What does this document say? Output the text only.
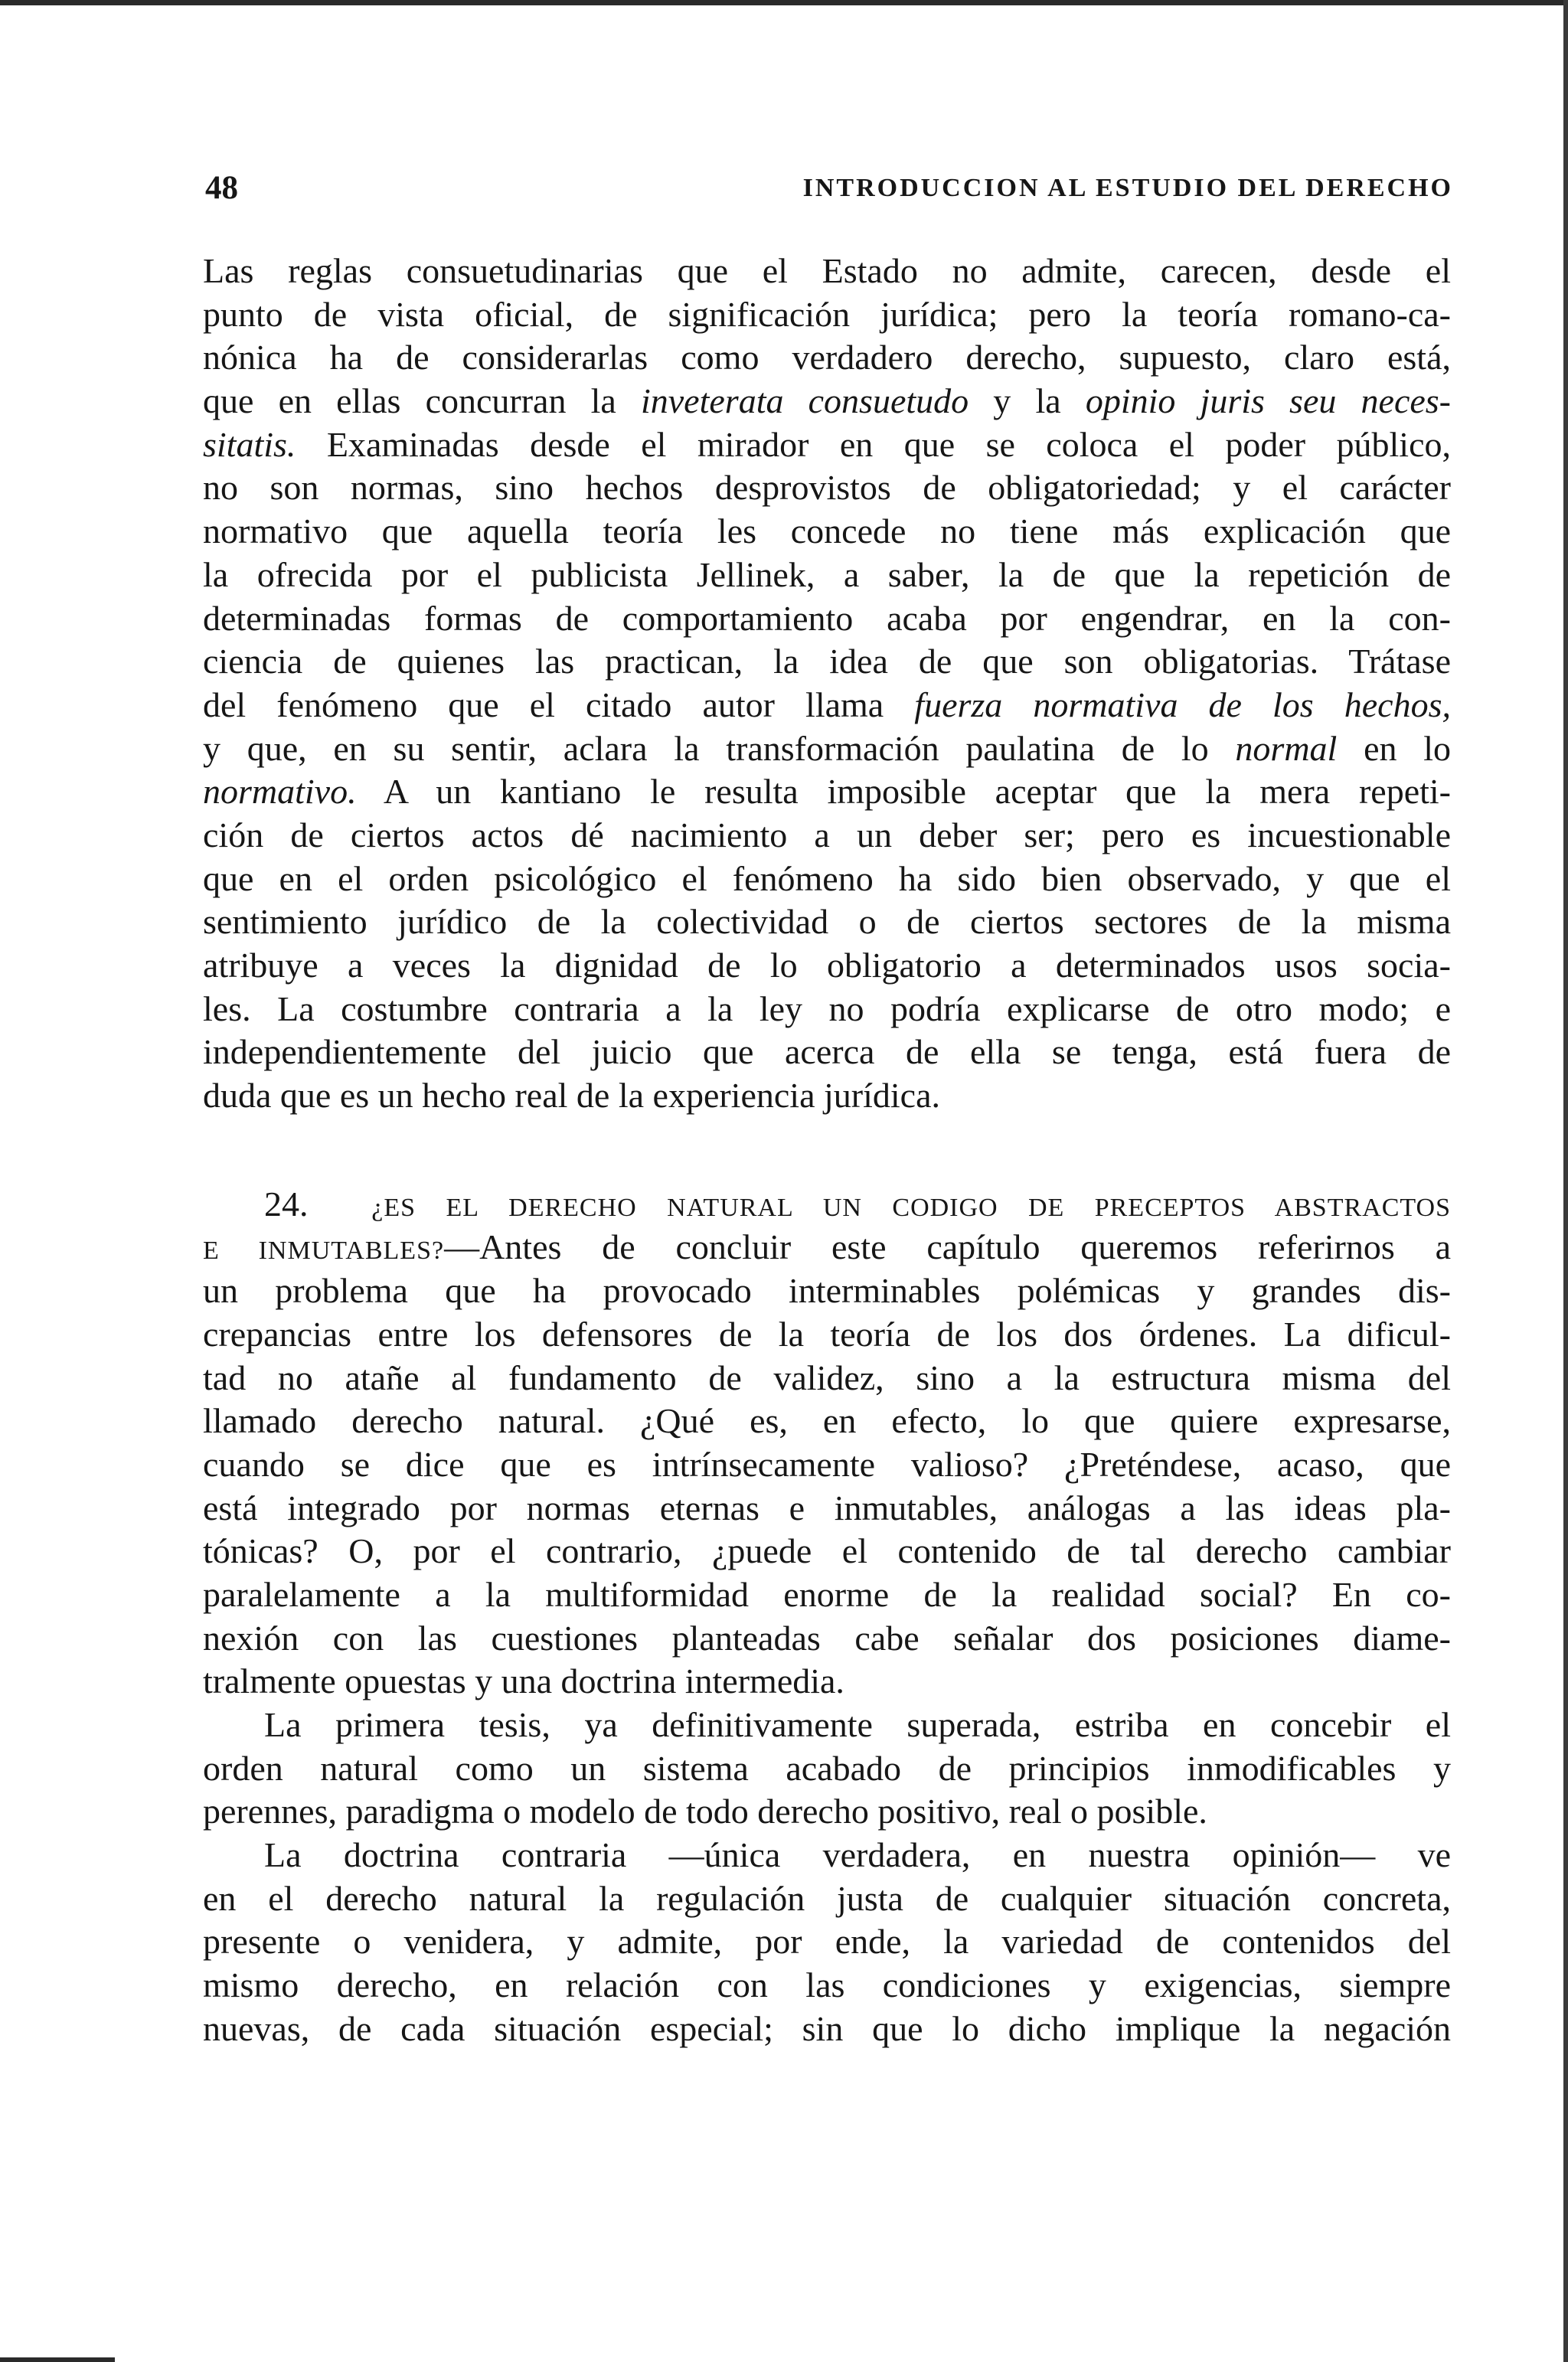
48	INTRODUCCION AL ESTUDIO DEL DERECHO
Las reglas consuetudinarias que el Estado no admite, carecen, desde el
punto de vista oficial, de significación jurídica; pero la teoría romano-ca-
nónica ha de considerarlas como verdadero derecho, supuesto, claro está,
que en ellas concurran la inveterata consuetudo y la opinio juris seu neces-
sitatis. Examinadas desde el mirador en que se coloca el poder público,
no son normas, sino hechos desprovistos de obligatoriedad; y el carácter
normativo que aquella teoría les concede no tiene más explicación que
la ofrecida por el publicista Jellinek, a saber, la de que la repetición de
determinadas formas de comportamiento acaba por engendrar, en la con-
ciencia de quienes las practican, la idea de que son obligatorias. Trátase
del fenómeno que el citado autor llama fuerza normativa de los hechos,
y que, en su sentir, aclara la transformación paulatina de lo normal en lo
normativo. A un kantiano le resulta imposible aceptar que la mera repeti-
ción de ciertos actos dé nacimiento a un deber ser; pero es incuestionable
que en el orden psicológico el fenómeno ha sido bien observado, y que el
sentimiento jurídico de la colectividad o de ciertos sectores de la misma
atribuye a veces la dignidad de lo obligatorio a determinados usos socia-
les. La costumbre contraria a la ley no podría explicarse de otro modo; e
independientemente del juicio que acerca de ella se tenga, está fuera de
duda que es un hecho real de la experiencia jurídica.
24. ¿ES EL DERECHO NATURAL UN CODIGO DE PRECEPTOS ABSTRACTOS
E INMUTABLES?—Antes de concluir este capítulo queremos referirnos a
un problema que ha provocado interminables polémicas y grandes dis-
crepancias entre los defensores de la teoría de los dos órdenes. La dificul-
tad no atañe al fundamento de validez, sino a la estructura misma del
llamado derecho natural. ¿Qué es, en efecto, lo que quiere expresarse,
cuando se dice que es intrínsecamente valioso? ¿Preténdese, acaso, que
está integrado por normas eternas e inmutables, análogas a las ideas pla-
tónicas? O, por el contrario, ¿puede el contenido de tal derecho cambiar
paralelamente a la multiformidad enorme de la realidad social? En co-
nexión con las cuestiones planteadas cabe señalar dos posiciones diame-
tralmente opuestas y una doctrina intermedia.
La primera tesis, ya definitivamente superada, estriba en concebir el
orden natural como un sistema acabado de principios inmodificables y
perennes, paradigma o modelo de todo derecho positivo, real o posible.
La doctrina contraria —única verdadera, en nuestra opinión— ve
en el derecho natural la regulación justa de cualquier situación concreta,
presente o venidera, y admite, por ende, la variedad de contenidos del
mismo derecho, en relación con las condiciones y exigencias, siempre
nuevas, de cada situación especial; sin que lo dicho implique la negación
